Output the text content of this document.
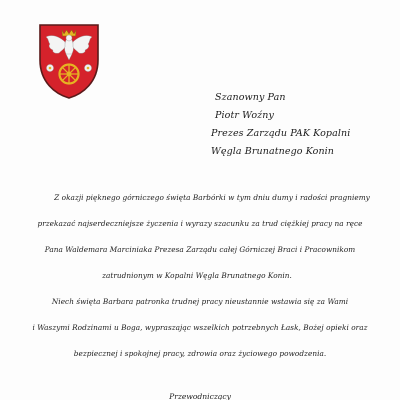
Szanowny Pan
Piotr Woźny
Prezes Zarządu PAK Kopalni
Węgla Brunatnego Konin
Z okazji pięknego górniczego święta Barbórki w tym dniu dumy i radości pragniemy
przekazać najserdeczniejsze życzenia i wyrazy szacunku za trud ciężkiej pracy na ręce
Pana Waldemara Marciniaka Prezesa Zarządu całej Górniczej Braci i Pracownikom
zatrudnionym w Kopalni Węgla Brunatnego Konin.
Niech święta Barbara patronka trudnej pracy nieustannie wstawia się za Wami
i Waszymi Rodzinami u Boga, wypraszając wszelkich potrzebnych Łask, Bożej opieki oraz
bezpiecznej i spokojnej pracy, zdrowia oraz życiowego powodzenia.
Przewodniczący
